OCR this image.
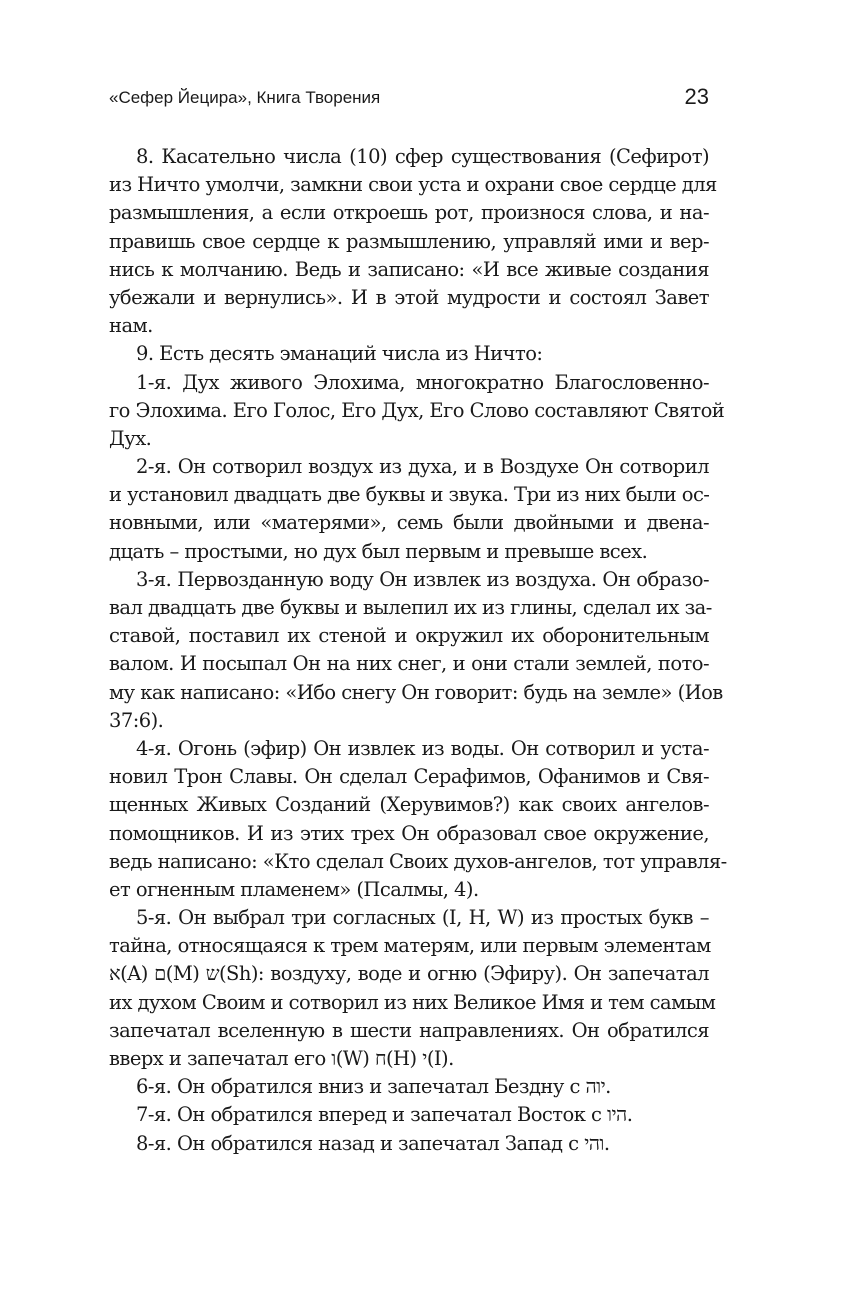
«Сефер Йецира», Книга Творения	23
8. Касательно числа (10) сфер существования (Сефирот)
из Ничто умолчи, замкни свои уста и охрани свое сердце для
размышления, а если откроешь рот, произнося слова, и на-
правишь свое сердце к размышлению, управляй ими и вер-
нись к молчанию. Ведь и записано: «И все живые создания
убежали и вернулись». И в этой мудрости и состоял Завет
нам.
9. Есть десять эманаций числа из Ничто:
1-я. Дух живого Элохима, многократно Благословенно-
го Элохима. Его Голос, Его Дух, Его Слово составляют Святой
Дух.
2-я. Он сотворил воздух из духа, и в Воздухе Он сотворил
и установил двадцать две буквы и звука. Три из них были ос-
новными, или «матерями», семь были двойными и двена-
дцать – простыми, но дух был первым и превыше всех.
3-я. Первозданную воду Он извлек из воздуха. Он образо-
вал двадцать две буквы и вылепил их из глины, сделал их за-
ставой, поставил их стеной и окружил их оборонительным
валом. И посыпал Он на них снег, и они стали землей, пото-
му как написано: «Ибо снегу Он говорит: будь на земле» (Иов
37:6).
4-я. Огонь (эфир) Он извлек из воды. Он сотворил и уста-
новил Трон Славы. Он сделал Серафимов, Офанимов и Свя-
щенных Живых Созданий (Херувимов?) как своих ангелов-
помощников. И из этих трех Он образовал свое окружение,
ведь написано: «Кто сделал Своих духов-ангелов, тот управля-
ет огненным пламенем» (Псалмы, 4).
5-я. Он выбрал три согласных (I, H, W) из простых букв –
тайна, относящаяся к трем матерям, или первым элементам
א(A) ם(M) ש(Sh): воздуху, воде и огню (Эфиру). Он запечатал
их духом Своим и сотворил из них Великое Имя и тем самым
запечатал вселенную в шести направлениях. Он обратился
вверх и запечатал его ו(W) ח(H) י(I).
6-я. Он обратился вниз и запечатал Бездну с יוה.
7-я. Он обратился вперед и запечатал Восток с היו.
8-я. Он обратился назад и запечатал Запад с והי.
